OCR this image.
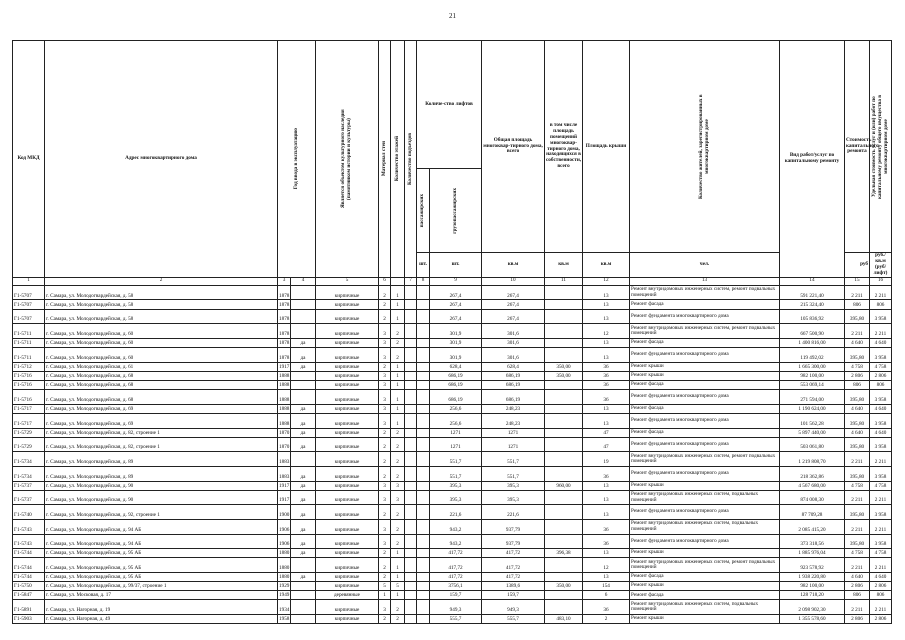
21
Код МКД	Адрес многоквартирного дома	Год ввода в эксплуатацию		Является объектом культурного наследия (памятником истории и культуры)	Материал стен	Количество этажей	Количество подъездов	Количе-ство лифтов		Общая площадь многоквар-тирного дома, всего	в том числе площадь помещений многоквар-тирного дома, находящихся в собственности, всего	Площадь крыши	Количество жителей, зарегистрированных в многоквартирном доме	Вид работ/услуг по капитальному ремонту	Стоимость капитального ремонта	Удельная стоимость услуг и (или) работ по капитальному ремонту общего имущества в многоквартирном доме

								пассажирских	грузопассажирских								

								шт.	шт.	кв.м	кв.м	кв.м	чел.		руб	руб./кв.м (руб/лифт)	
1	2	3	4	5	6		7	8	9	10	11	12	13	14	15	16	
Г1-5707	г. Самара, ул. Молодогвардейская, д. 58	1878		кирпичные	2	1			267,4	267,4		13	Ремонт внутридомовых инженерных систем, ремонт подвальных помещений	591 221,40	2 211	2 211	
Г1-5707	г. Самара, ул. Молодогвардейская, д. 58	1878		кирпичные	2	1			267,4	267,4		13	Ремонт фасада	215 324,40	806	806	
Г1-5707	г. Самара, ул. Молодогвардейская, д. 58	1878		кирпичные	2	1			267,4	267,4		13	Ремонт фундамента многоквартирного дома	105 836,92	395,80	3 958	
Г1-5711	г. Самара, ул. Молодогвардейская, д. 60	1878		кирпичные	3	2			301,9	301,6		12	Ремонт внутридомовых инженерных систем, ремонт подвальных помещений	667 500,90	2 211	2 211	
Г1-5711	г. Самара, ул. Молодогвардейская, д. 60	1878	да	кирпичные	3	2			301,9	301,6		13	Ремонт фасада	1 400 816,00	4 640	4 640	
Г1-5711	г. Самара, ул. Молодогвардейская, д. 60	1878	да	кирпичные	3	2			301,9	301,6		13	Ремонт фундамента многоквартирного дома	119 492,02	395,80	3 958	
Г1-5712	г. Самара, ул. Молодогвардейская, д. 61	1917	да	кирпичные	2	1			628,4	628,4	350,00	36	Ремонт крыши	1 665 300,00	4 758	4 758	
Г1-5716	г. Самара, ул. Молодогвардейская, д. 68	1888		кирпичные	3	1			686,19	686,19	350,00	36	Ремонт крыши	982 100,00	2 806	2 806	
Г1-5716	г. Самара, ул. Молодогвардейская, д. 68	1888		кирпичные	3	1			686,19	686,19		36	Ремонт фасада	553 069,14	806	806	
Г1-5716	г. Самара, ул. Молодогвардейская, д. 68	1888		кирпичные	3	1			686,19	686,19		36	Ремонт фундамента многоквартирного дома	271 594,00	395,80	3 958	
Г1-5717	г. Самара, ул. Молодогвардейская, д. 69	1888	да	кирпичные	3	1			256,6	248,23		13	Ремонт фасада	1 190 624,00	4 640	4 640	
Г1-5717	г. Самара, ул. Молодогвардейская, д. 69	1888	да	кирпичные	3	1			256,6	248,23		13	Ремонт фундамента многоквартирного дома	101 562,28	395,80	3 958	
Г1-5729	г. Самара, ул. Молодогвардейская, д. 82, строение 1	1870	да	кирпичные	2	2			1271	1271		47	Ремонт фасада	5 897 440,00	4 640	4 640	
Г1-5729	г. Самара, ул. Молодогвардейская, д. 82, строение 1	1870	да	кирпичные	2	2			1271	1271		47	Ремонт фундамента многоквартирного дома	503 061,80	395,80	3 958	
Г1-5734	г. Самара, ул. Молодогвардейская, д. 89	1883		кирпичные	2	2			551,7	551,7		19	Ремонт внутридомовых инженерных систем, ремонт подвальных помещений	1 219 808,70	2 211	2 211	
Г1-5734	г. Самара, ул. Молодогвардейская, д. 89	1883	да	кирпичные	2	2			551,7	551,7		36	Ремонт фундамента многоквартирного дома	218 362,86	395,80	3 958	
Г1-5737	г. Самара, ул. Молодогвардейская, д. 90	1917	да	кирпичные	3	3			395,3	395,3	960,00	13	Ремонт крыши	4 567 680,00	4 758	4 758	
Г1-5737	г. Самара, ул. Молодогвардейская, д. 90	1917	да	кирпичные	3	3			395,3	395,3		13	Ремонт внутридомовых инженерных систем, подвальных помещений	874 008,30	2 211	2 211	
Г1-5740	г. Самара, ул. Молодогвардейская, д. 92, строение 1	1900	да	кирпичные	2	2			221,6	221,6		13	Ремонт фундамента многоквартирного дома	87 709,28	395,80	3 958	
Г1-5743	г. Самара, ул. Молодогвардейская, д. 94 АБ	1906	да	кирпичные	3	2			943,2	937,79		36	Ремонт внутридомовых инженерных систем, подвальных помещений	2 085 415,20	2 211	2 211	
Г1-5743	г. Самара, ул. Молодогвардейская, д. 94 АБ	1906	да	кирпичные	3	2			943,2	937,79		36	Ремонт фундамента многоквартирного дома	373 318,56	395,80	3 958	
Г1-5744	г. Самара, ул. Молодогвардейская, д. 95 АБ	1880	да	кирпичные	2	1			417,72	417,72	396,38	13	Ремонт крыши	1 885 976,04	4 758	4 758	
Г1-5744	г. Самара, ул. Молодогвардейская, д. 95 АБ	1880		кирпичные	2	1			417,72	417,72		12	Ремонт внутридомовых инженерных систем, ремонт подвальных помещений	923 578,92	2 211	2 211	
Г1-5744	г. Самара, ул. Молодогвардейская, д. 95 АБ	1880	да	кирпичные	2	1			417,72	417,72		13	Ремонт фасада	1 938 220,80	4 640	4 640	
Г1-5750	г. Самара, ул. Молодогвардейская, д. 99/37, строение 1	1929		кирпичные	5	5			3756,1	1389,6	350,00	154	Ремонт крыши	982 100,00	2 806	2 806	
Г1-5847	г. Самара, ул. Московая, д. 17	1949		деревянные	1	1			159,7	159,7		6	Ремонт фасада	128 718,20	806	806	
Г1-5891	г. Самара, ул. Нагорная, д. 19	1934		кирпичные	3	2			949,3	949,3		36	Ремонт внутридомовых инженерных систем, подвальных помещений	2 098 902,30	2 211	2 211	
Г1-5903	г. Самара, ул. Нагорная, д. 49	1958		кирпичные	2	2			555,7	555,7	483,10	2	Ремонт крыши	1 355 578,60	2 806	2 806	
